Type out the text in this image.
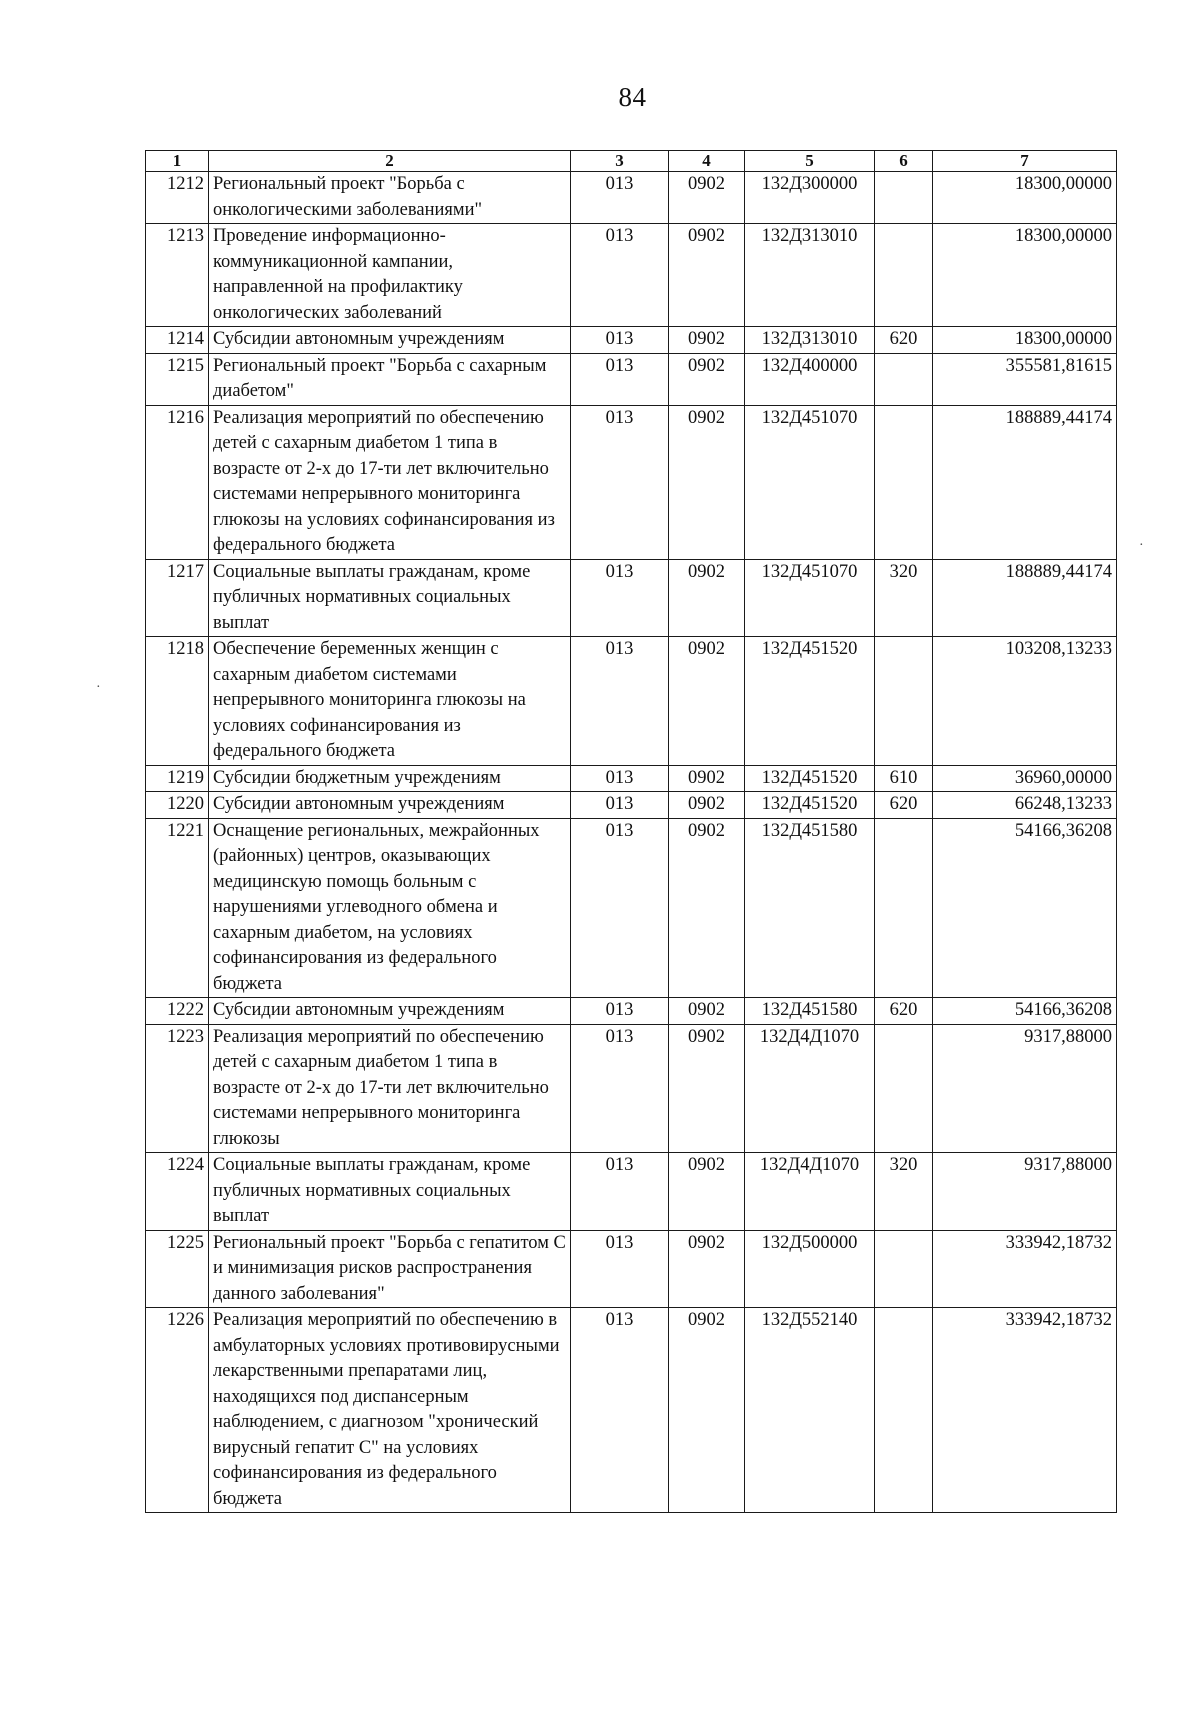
84
1	2	3	4	5	6	7
1212	Региональный проект "Борьба с онкологическими заболеваниями"	013	0902	132Д300000		18300,00000
1213	Проведение информационно-коммуникационной кампании, направленной на профилактику онкологических заболеваний	013	0902	132Д313010		18300,00000
1214	Субсидии автономным учреждениям	013	0902	132Д313010	620	18300,00000
1215	Региональный проект "Борьба с сахарным диабетом"	013	0902	132Д400000		355581,81615
1216	Реализация мероприятий по обеспечению детей с сахарным диабетом 1 типа в возрасте от 2-х до 17-ти лет включительно системами непрерывного мониторинга глюкозы на условиях софинансирования из федерального бюджета	013	0902	132Д451070		188889,44174
1217	Социальные выплаты гражданам, кроме публичных нормативных социальных выплат	013	0902	132Д451070	320	188889,44174
1218	Обеспечение беременных женщин с сахарным диабетом системами непрерывного мониторинга глюкозы на условиях софинансирования из федерального бюджета	013	0902	132Д451520		103208,13233
1219	Субсидии бюджетным учреждениям	013	0902	132Д451520	610	36960,00000
1220	Субсидии автономным учреждениям	013	0902	132Д451520	620	66248,13233
1221	Оснащение региональных, межрайонных (районных) центров, оказывающих медицинскую помощь больным с нарушениями углеводного обмена и сахарным диабетом, на условиях софинансирования из федерального бюджета	013	0902	132Д451580		54166,36208
1222	Субсидии автономным учреждениям	013	0902	132Д451580	620	54166,36208
1223	Реализация мероприятий по обеспечению детей с сахарным диабетом 1 типа в возрасте от 2-х до 17-ти лет включительно системами непрерывного мониторинга глюкозы	013	0902	132Д4Д1070		9317,88000
1224	Социальные выплаты гражданам, кроме публичных нормативных социальных выплат	013	0902	132Д4Д1070	320	9317,88000
1225	Региональный проект "Борьба с гепатитом С и минимизация рисков распространения данного заболевания"	013	0902	132Д500000		333942,18732
1226	Реализация мероприятий по обеспечению в амбулаторных условиях противовирусными лекарственными препаратами лиц, находящихся под диспансерным наблюдением, с диагнозом "хронический вирусный гепатит С" на условиях софинансирования из федерального бюджета	013	0902	132Д552140		333942,18732
·
·
